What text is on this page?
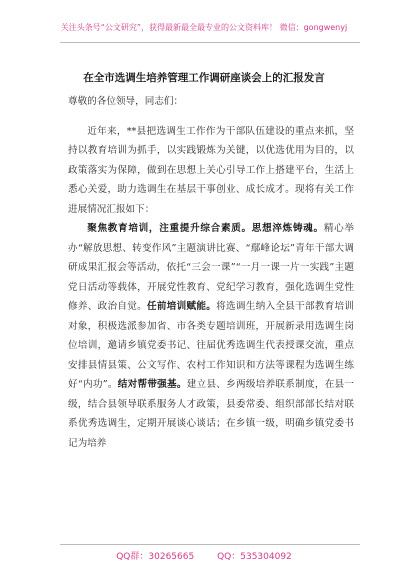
关注头条号“公文研究”，获得最新最全最专业的公文资料库！ 微信：gongwenyj
在全市选调生培养管理工作调研座谈会上的汇报发言

尊敬的各位领导，同志们：

近年来，**县把选调生工作作为干部队伍建设的重点来抓，坚持以教育培训为抓手，以实践锻炼为关键，以优选优用为目的，以政策落实为保障，做到在思想上关心引导工作上搭建平台，生活上悉心关爱，助力选调生在基层干事创业、成长成才。现将有关工作进展情况汇报如下：

聚焦教育培训，注重提升综合素质。思想淬炼铸魂。精心举办“解放思想、转变作风”主题演讲比赛、“鄢峰论坛”青年干部大调研成果汇报会等活动，依托“三会一课”“一月一课一片一实践”主题党日活动等载体，开展党性教育、党纪学习教育，强化选调生党性修养、政治自觉。任前培训赋能。将选调生纳入全县干部教育培训对象，积极选派参加省、市各类专题培训班，开展新录用选调生岗位培训，邀请乡镇党委书记、往届优秀选调生代表授课交流，重点安排县情县策、公文写作、农村工作知识和方法等课程为选调生练好“内功”。结对帮带强基。建立县、乡两级培养联系制度，在县一级，结合县领导联系服务人才政策，县委常委、组织部部长结对联系优秀选调生，定期开展谈心谈话；在乡镇一级，明确乡镇党委书记为培养

QQ群：30265665	QQ：535304092
